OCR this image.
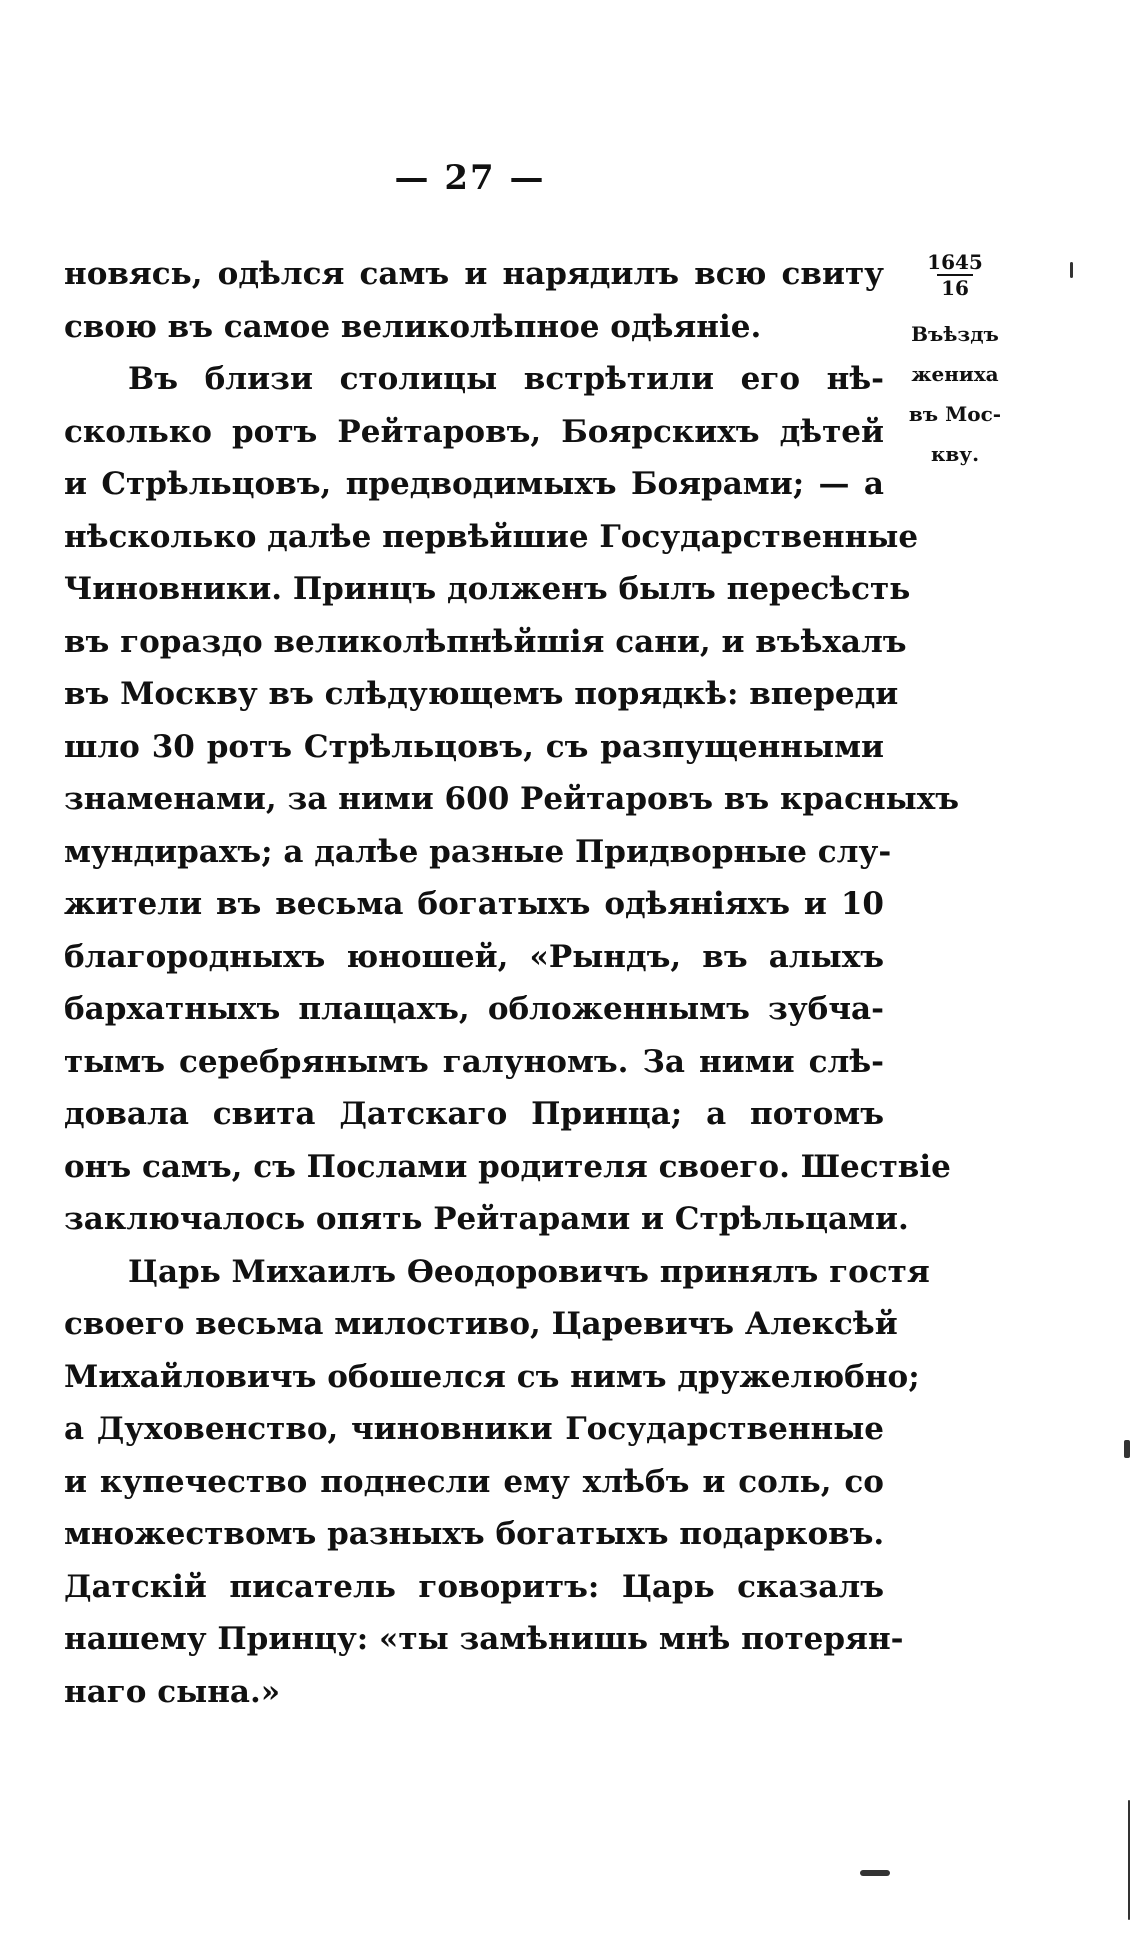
— 27 —
новясь, одѣлся самъ и нарядилъ всю свиту
свою въ самое великолѣпное одѣяніе.
Въ близи столицы встрѣтили его нѣ-
сколько ротъ Рейтаровъ, Боярскихъ дѣтей
и Стрѣльцовъ, предводимыхъ Боярами; — а
нѣсколько далѣе первѣйшие Государственные
Чиновники. Принцъ долженъ былъ пересѣсть
въ гораздо великолѣпнѣйшія сани, и въѣхалъ
въ Москву въ слѣдующемъ порядкѣ: впереди
шло 30 ротъ Стрѣльцовъ, съ разпущенными
знаменами, за ними 600 Рейтаровъ въ красныхъ
мундирахъ; а далѣе разные Придворные слу-
жители въ весьма богатыхъ одѣяніяхъ и 10
благородныхъ юношей, «Рындъ, въ алыхъ
бархатныхъ плащахъ, обложеннымъ зубча-
тымъ серебрянымъ галуномъ. За ними слѣ-
довала свита Датскаго Принца; а потомъ
онъ самъ, съ Послами родителя своего. Шествіе
заключалось опять Рейтарами и Стрѣльцами.
Царь Михаилъ Ѳеодоровичъ принялъ гостя
своего весьма милостиво, Царевичъ Алексѣй
Михайловичъ обошелся съ нимъ дружелюбно;
а Духовенство, чиновники Государственные
и купечество поднесли ему хлѣбъ и соль, со
множествомъ разныхъ богатыхъ подарковъ.
Датскій писатель говоритъ: Царь сказалъ
нашему Принцу: «ты замѣнишь мнѣ потерян-
наго сына.»
1645
16
Въѣздъ
жениха
въ Мос-
кву.
